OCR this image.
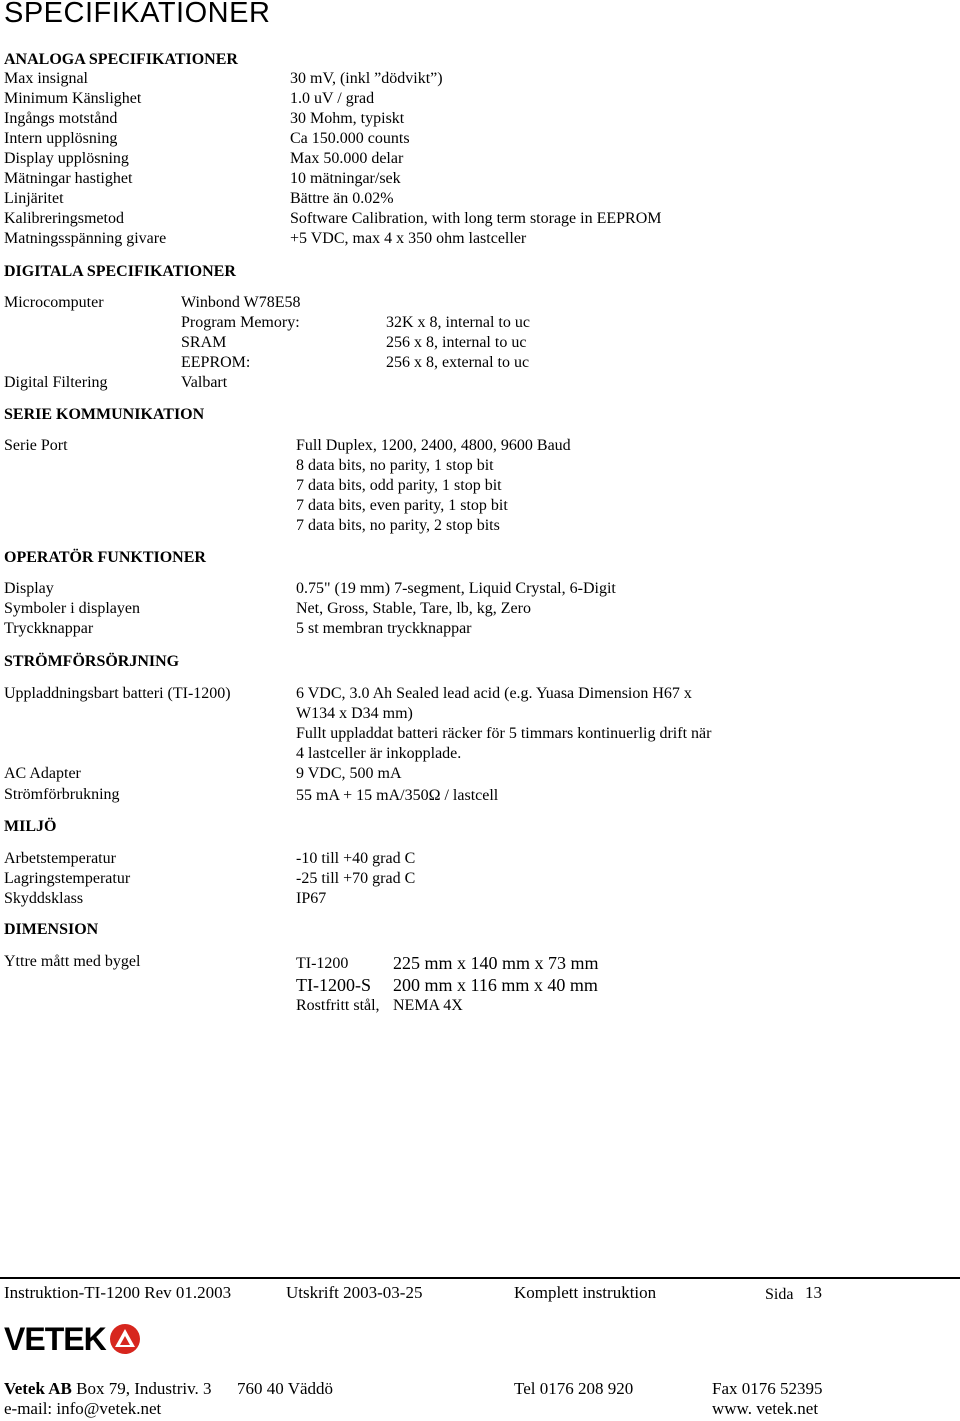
SPECIFIKATIONER
ANALOGA SPECIFIKATIONER
Max insignal	30 mV, (inkl ”dödvikt”)
Minimum Känslighet	1.0 uV / grad
Ingångs motstånd	30 Mohm, typiskt
Intern upplösning	Ca 150.000 counts
Display upplösning	Max 50.000 delar
Mätningar hastighet	10 mätningar/sek
Linjäritet	Bättre än 0.02%
Kalibreringsmetod	Software Calibration, with long term storage in EEPROM
Matningsspänning givare	+5 VDC, max 4 x 350 ohm lastceller
DIGITALA SPECIFIKATIONER
Microcomputer	Winbond W78E58
Program Memory:	32K x 8, internal to uc
SRAM	256 x 8, internal to uc
EEPROM:	256 x 8, external to uc
Digital Filtering	Valbart
SERIE KOMMUNIKATION
Serie Port	Full Duplex, 1200, 2400, 4800, 9600 Baud
8 data bits, no parity, 1 stop bit
7 data bits, odd parity, 1 stop bit
7 data bits, even parity, 1 stop bit
7 data bits, no parity, 2 stop bits
OPERATÖR FUNKTIONER
Display	0.75" (19 mm) 7-segment, Liquid Crystal, 6-Digit
Symboler i displayen	Net, Gross, Stable, Tare, lb, kg, Zero
Tryckknappar	5 st membran tryckknappar
STRÖMFÖRSÖRJNING
Uppladdningsbart batteri (TI-1200)	6 VDC, 3.0 Ah Sealed lead acid (e.g. Yuasa Dimension H67 x
W134 x D34 mm)
Fullt uppladdat batteri räcker för 5 timmars kontinuerlig drift när
4 lastceller är inkopplade.
AC Adapter	9 VDC, 500 mA
Strömförbrukning	55 mA + 15 mA/350Ω / lastcell
MILJÖ
Arbetstemperatur	-10 till +40 grad C
Lagringstemperatur	-25 till +70 grad C
Skyddsklass	IP67
DIMENSION
Yttre mått med bygel	TI-1200 225 mm x 140 mm x 73 mm
TI-1200-S 200 mm x 116 mm x 40 mm
Rostfritt stål, NEMA 4X
Instruktion-TI-1200 Rev 01.2003	Utskrift 2003-03-25	Komplett instruktion	Sida 13
VETEK
Vetek AB Box 79, Industriv. 3 760 40 Väddö	Tel 0176 208 920	Fax 0176 52395
e-mail: info@vetek.net	www. vetek.net
